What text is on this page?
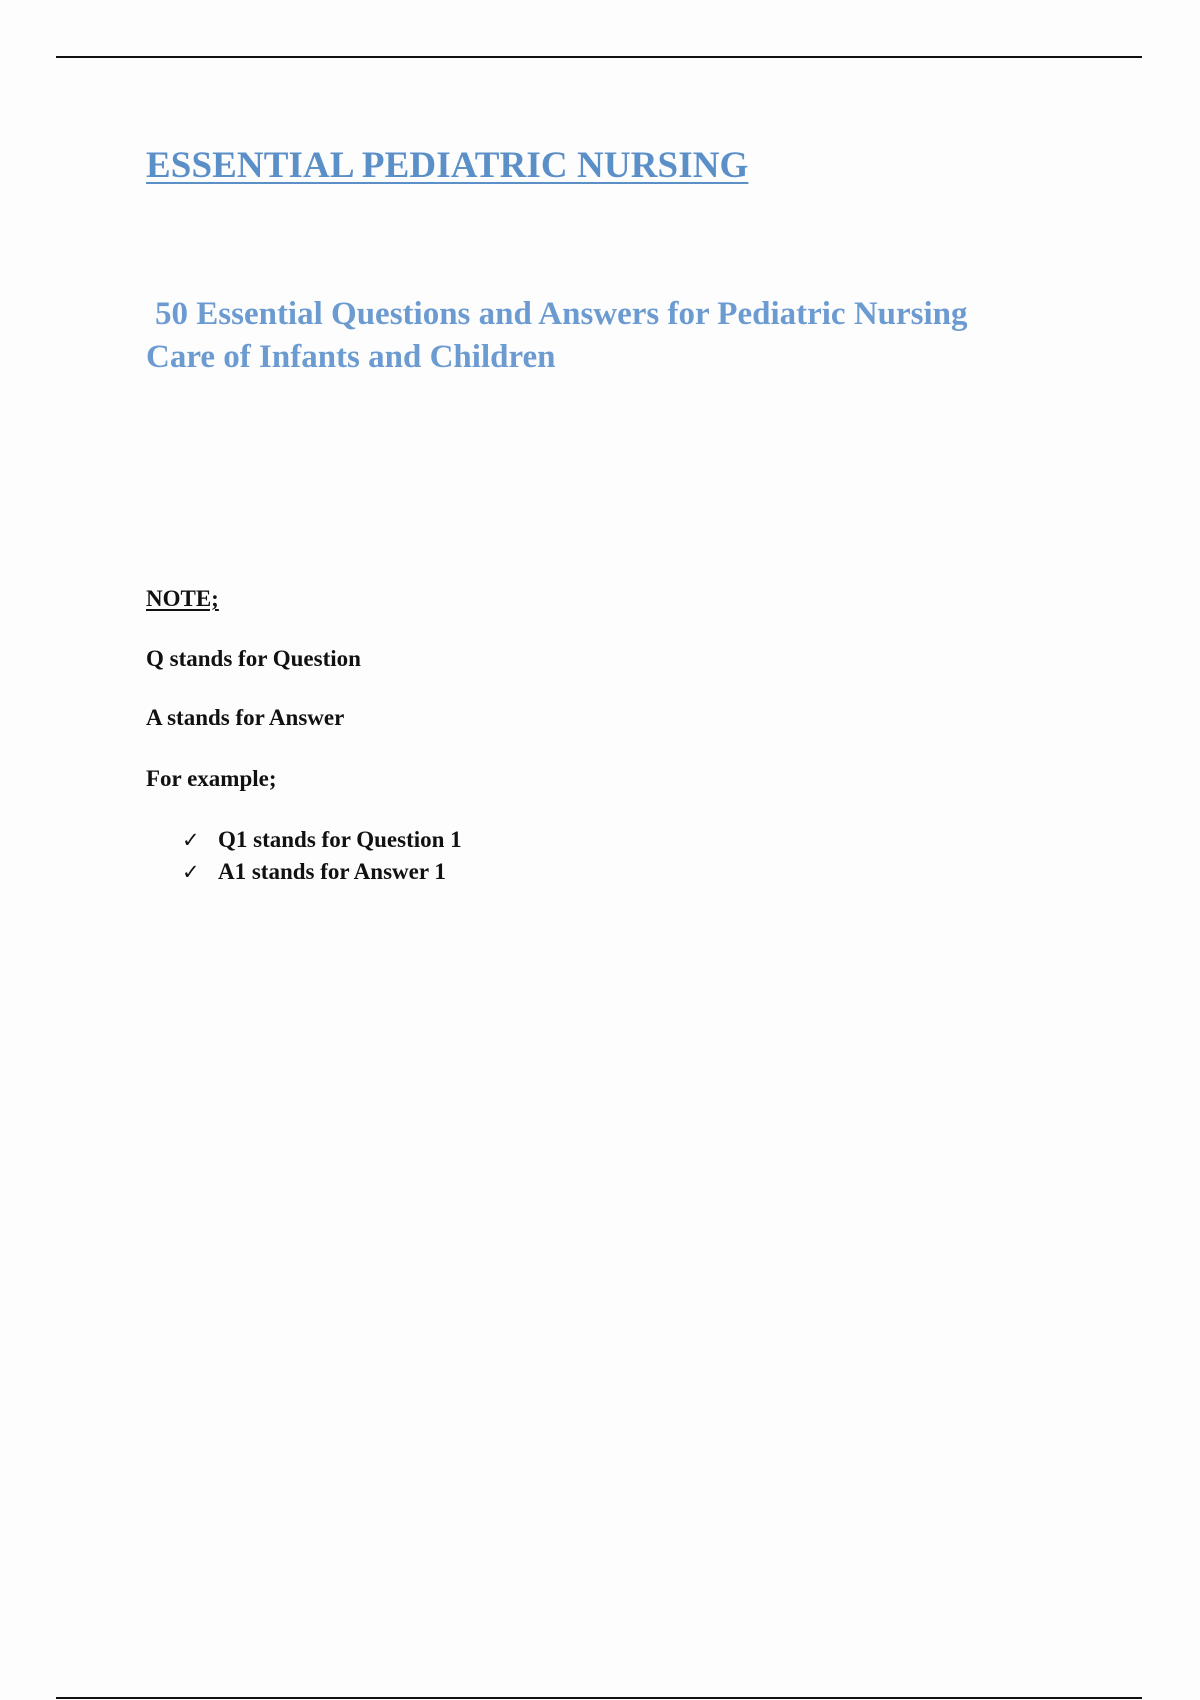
ESSENTIAL PEDIATRIC NURSING
50 Essential Questions and Answers for Pediatric Nursing
Care of Infants and Children

NOTE;

Q stands for Question

A stands for Answer

For example;

✓ Q1 stands for Question 1
✓ A1 stands for Answer 1
